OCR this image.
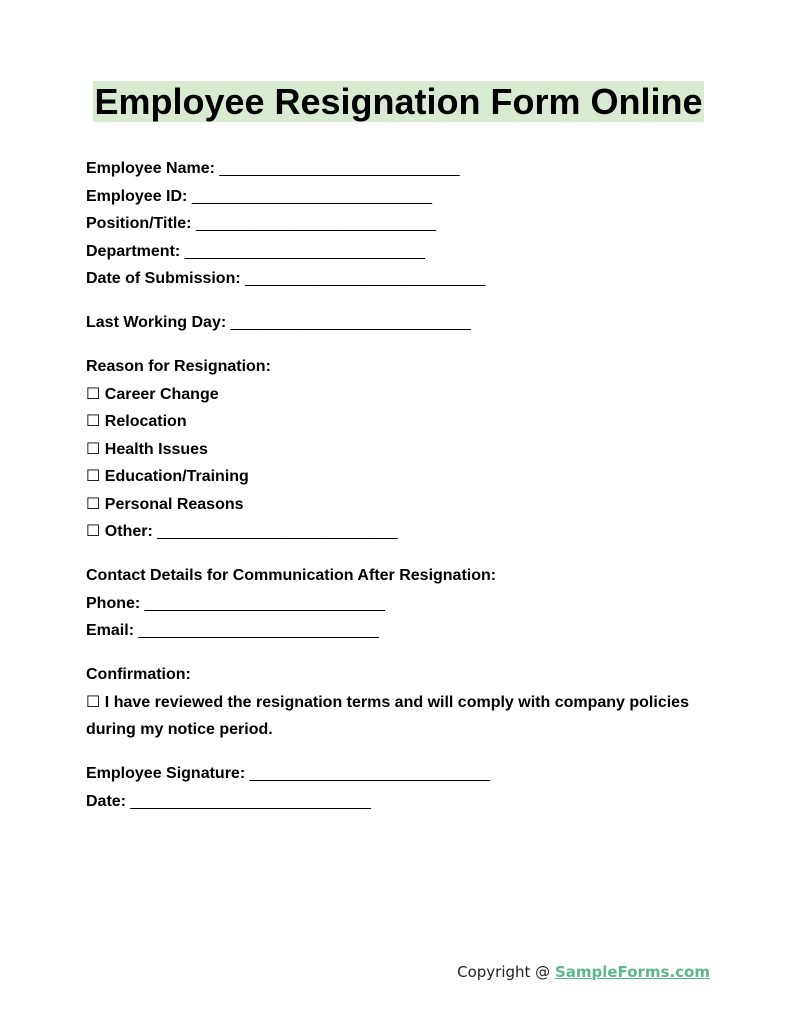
Employee Resignation Form Online
Employee Name: ___________________________
Employee ID: ___________________________
Position/Title: ___________________________
Department: ___________________________
Date of Submission: ___________________________
Last Working Day: ___________________________
Reason for Resignation:
☐ Career Change
☐ Relocation
☐ Health Issues
☐ Education/Training
☐ Personal Reasons
☐ Other: ___________________________
Contact Details for Communication After Resignation:
Phone: ___________________________
Email: ___________________________
Confirmation:
☐ I have reviewed the resignation terms and will comply with company policies during my notice period.
Employee Signature: ___________________________
Date: ___________________________
Copyright @ SampleForms.com
